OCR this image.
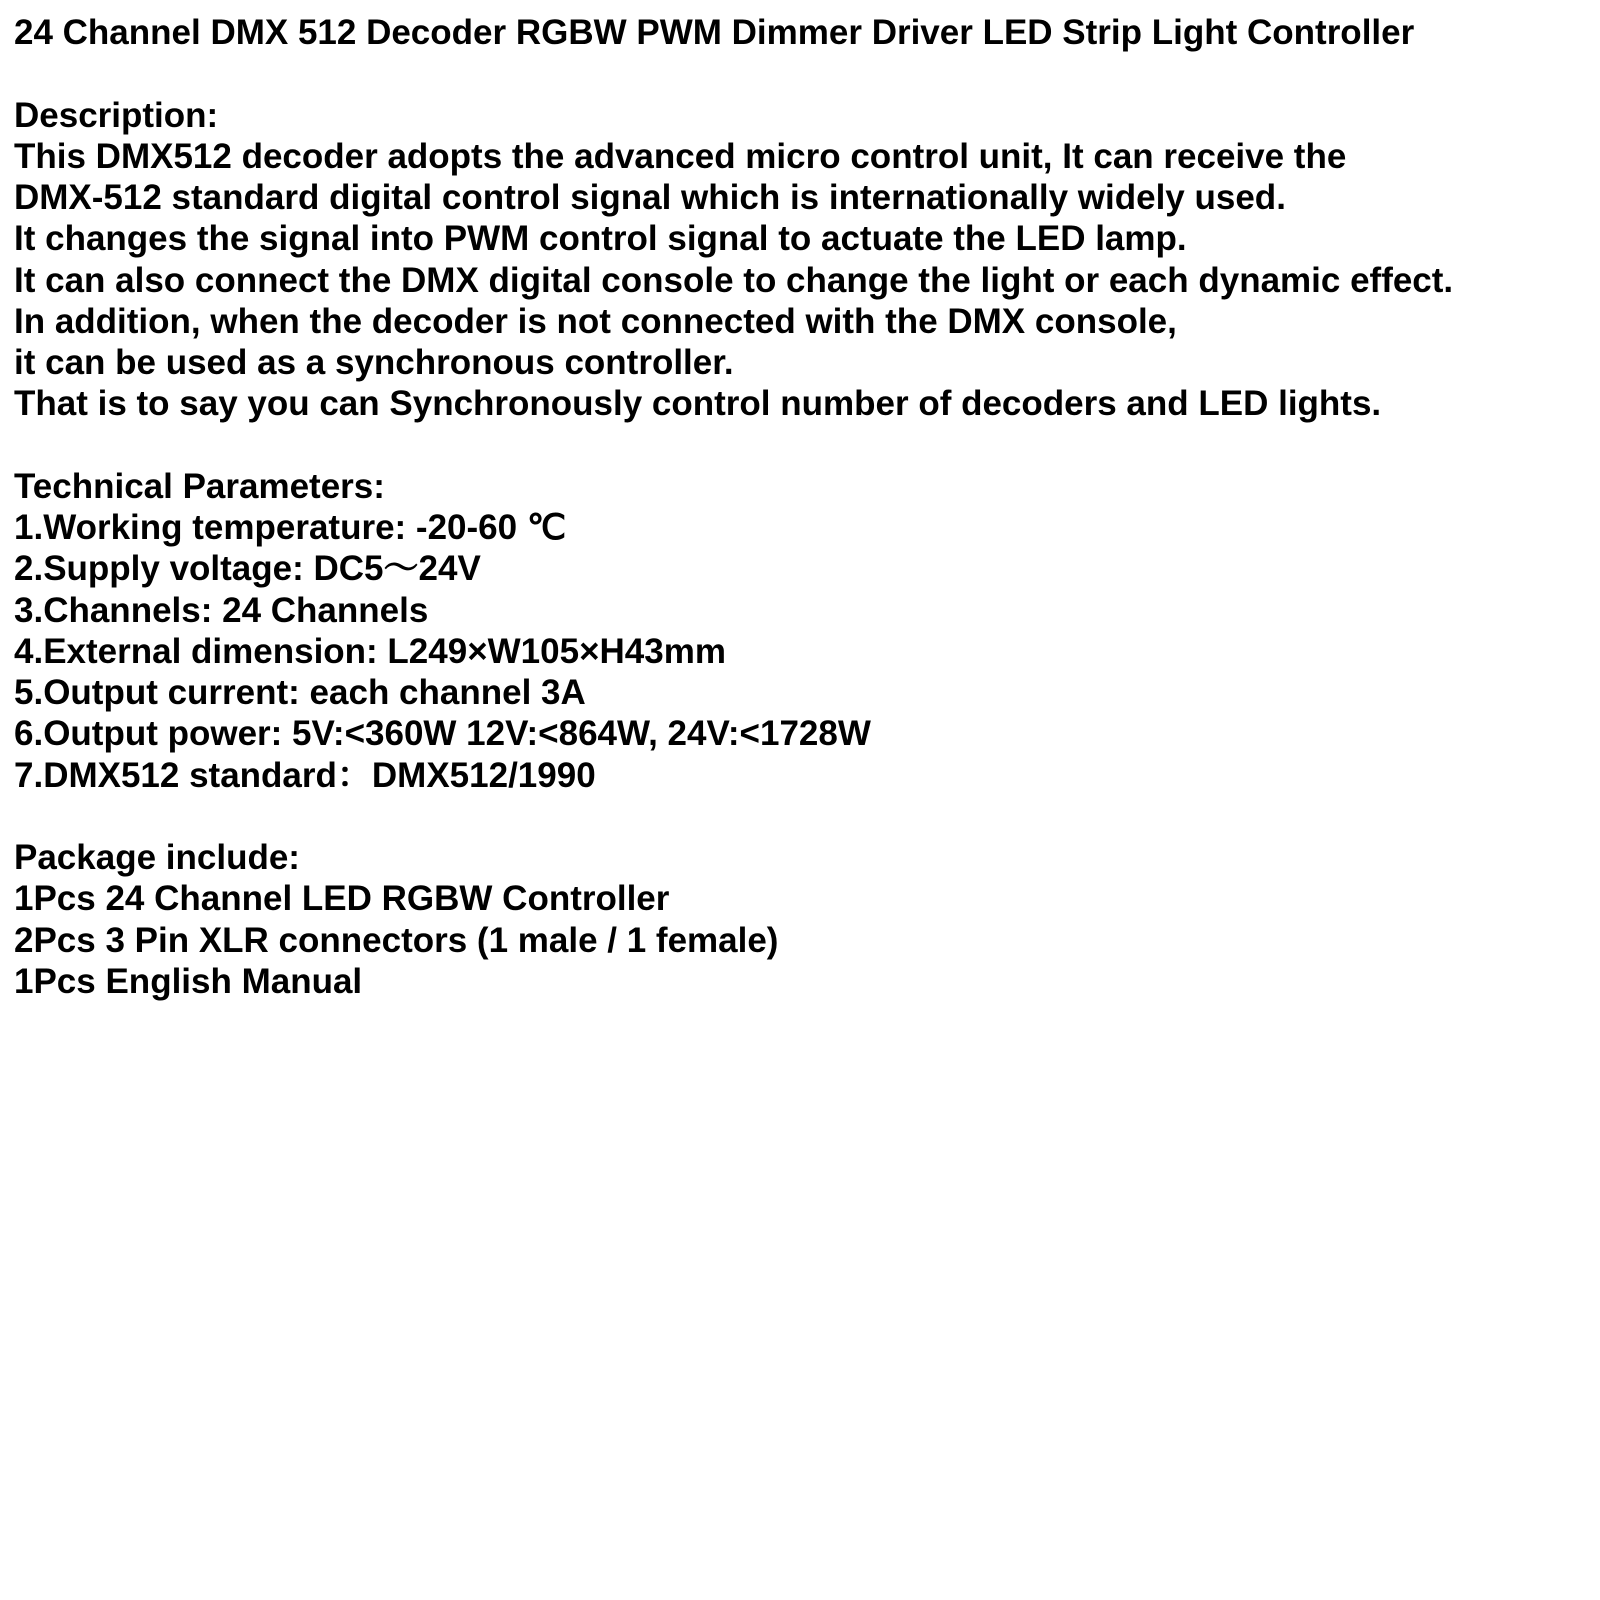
24 Channel DMX 512 Decoder RGBW PWM Dimmer Driver LED Strip Light Controller
Description:
This DMX512 decoder adopts the advanced micro control unit, It can receive the
DMX-512 standard digital control signal which is internationally widely used.
It changes the signal into PWM control signal to actuate the LED lamp.
It can also connect the DMX digital console to change the light or each dynamic effect.
In addition, when the decoder is not connected with the DMX console,
it can be used as a synchronous controller.
That is to say you can Synchronously control number of decoders and LED lights.
Technical Parameters:
1.Working temperature: -20-60 ℃
2.Supply voltage: DC5～24V
3.Channels: 24 Channels
4.External dimension: L249×W105×H43mm
5.Output current: each channel 3A
6.Output power: 5V:<360W 12V:<864W, 24V:<1728W
7.DMX512 standard：DMX512/1990
Package include:
1Pcs 24 Channel LED RGBW Controller
2Pcs 3 Pin XLR connectors (1 male / 1 female)
1Pcs English Manual
